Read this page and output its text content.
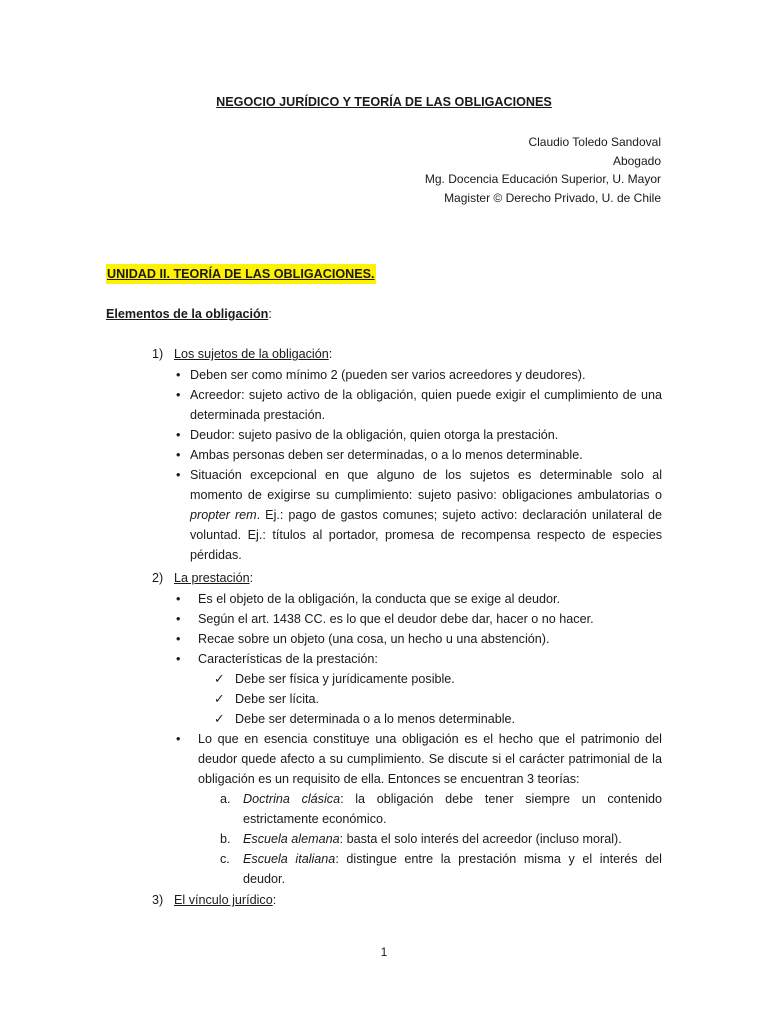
NEGOCIO JURÍDICO Y TEORÍA DE LAS OBLIGACIONES
Claudio Toledo Sandoval
Abogado
Mg. Docencia Educación Superior, U. Mayor
Magister © Derecho Privado, U. de Chile
UNIDAD II. TEORÍA DE LAS OBLIGACIONES.
Elementos de la obligación:
1) Los sujetos de la obligación:
• Deben ser como mínimo 2 (pueden ser varios acreedores y deudores).
• Acreedor: sujeto activo de la obligación, quien puede exigir el cumplimiento de una determinada prestación.
• Deudor: sujeto pasivo de la obligación, quien otorga la prestación.
• Ambas personas deben ser determinadas, o a lo menos determinable.
• Situación excepcional en que alguno de los sujetos es determinable solo al momento de exigirse su cumplimiento: sujeto pasivo: obligaciones ambulatorias o propter rem. Ej.: pago de gastos comunes; sujeto activo: declaración unilateral de voluntad. Ej.: títulos al portador, promesa de recompensa respecto de especies pérdidas.
2) La prestación:
• Es el objeto de la obligación, la conducta que se exige al deudor.
• Según el art. 1438 CC. es lo que el deudor debe dar, hacer o no hacer.
• Recae sobre un objeto (una cosa, un hecho u una abstención).
• Características de la prestación:
✓ Debe ser física y jurídicamente posible.
✓ Debe ser lícita.
✓ Debe ser determinada o a lo menos determinable.
• Lo que en esencia constituye una obligación es el hecho que el patrimonio del deudor quede afecto a su cumplimiento. Se discute si el carácter patrimonial de la obligación es un requisito de ella. Entonces se encuentran 3 teorías:
a. Doctrina clásica: la obligación debe tener siempre un contenido estrictamente económico.
b. Escuela alemana: basta el solo interés del acreedor (incluso moral).
c. Escuela italiana: distingue entre la prestación misma y el interés del deudor.
3) El vínculo jurídico:
1
